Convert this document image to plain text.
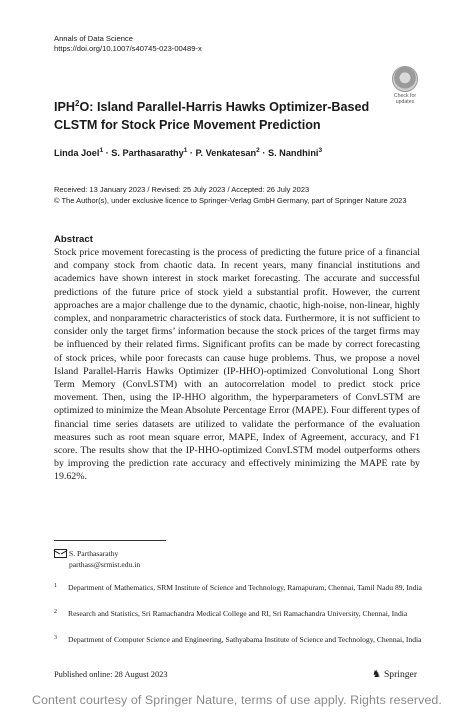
Annals of Data Science
https://doi.org/10.1007/s40745-023-00489-x
Check for
updates
IPH$^2$O: Island Parallel-Harris Hawks Optimizer-Based CLSTM for Stock Price Movement Prediction
Linda Joel$^1$ · S. Parthasarathy$^1$ · P. Venkatesan$^2$ · S. Nandhini$^3$
Received: 13 January 2023 / Revised: 25 July 2023 / Accepted: 26 July 2023
© The Author(s), under exclusive licence to Springer-Verlag GmbH Germany, part of Springer Nature 2023
Abstract
Stock price movement forecasting is the process of predicting the future price of a financial and company stock from chaotic data. In recent years, many financial institutions and academics have shown interest in stock market forecasting. The accurate and successful predictions of the future price of stock yield a substantial profit. However, the current approaches are a major challenge due to the dynamic, chaotic, high-noise, non-linear, highly complex, and nonparametric characteristics of stock data. Furthermore, it is not sufficient to consider only the target firms’ information because the stock prices of the target firms may be influenced by their related firms. Significant profits can be made by correct forecasting of stock prices, while poor forecasts can cause huge problems. Thus, we propose a novel Island Parallel-Harris Hawks Optimizer (IP-HHO)-optimized Convolutional Long Short Term Memory (ConvLSTM) with an autocorrelation model to predict stock price movement. Then, using the IP-HHO algorithm, the hyperparameters of ConvLSTM are optimized to minimize the Mean Absolute Percentage Error (MAPE). Four different types of financial time series datasets are utilized to validate the performance of the evaluation measures such as root mean square error, MAPE, Index of Agreement, accuracy, and F1 score. The results show that the IP-HHO-optimized ConvLSTM model outperforms others by improving the prediction rate accuracy and effectively minimizing the MAPE rate by 19.62%.
S. Parthasarathy
parthass@srmist.edu.in
1 Department of Mathematics, SRM Institute of Science and Technology, Ramapuram, Chennai, Tamil Nadu 89, India
2 Research and Statistics, Sri Ramachandra Medical College and RI, Sri Ramachandra University, Chennai, India
3 Department of Computer Science and Engineering, Sathyabama Institute of Science and Technology, Chennai, India
Published online: 28 August 2023	♞ Springer
Content courtesy of Springer Nature, terms of use apply. Rights reserved.
